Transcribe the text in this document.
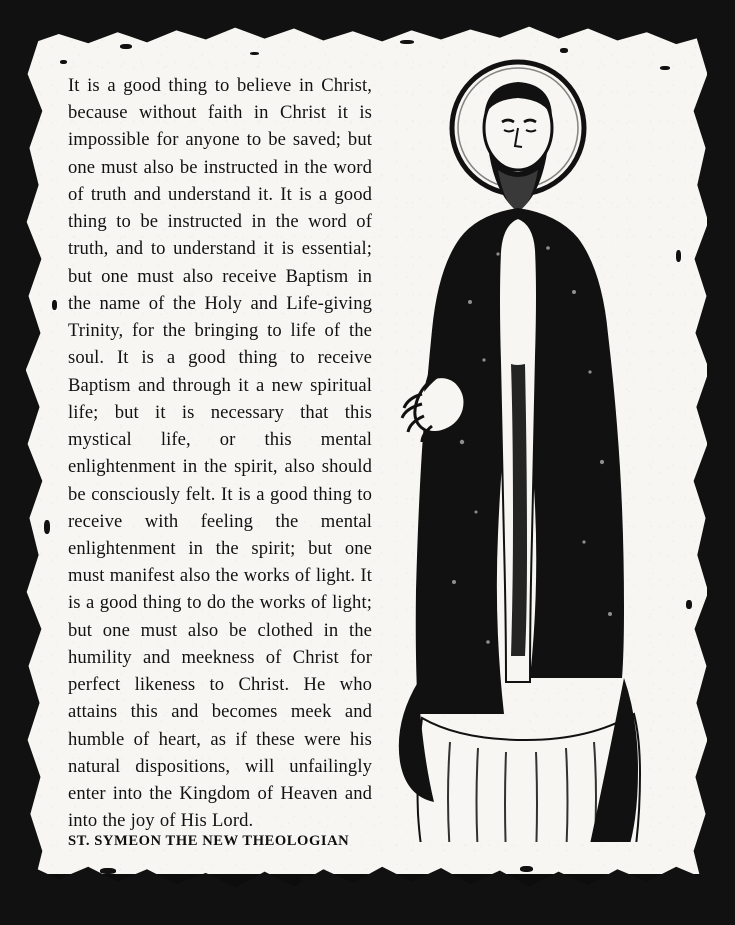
It is a good thing to believe in Christ, because without faith in Christ it is impossible for anyone to be saved; but one must also be instructed in the word of truth and understand it. It is a good thing to be instructed in the word of truth, and to understand it is essential; but one must also receive Baptism in the name of the Holy and Life-giving Trinity, for the bringing to life of the soul. It is a good thing to receive Baptism and through it a new spiritual life; but it is necessary that this mystical life, or this mental enlightenment in the spirit, also should be consciously felt. It is a good thing to receive with feeling the mental enlightenment in the spirit; but one must manifest also the works of light. It is a good thing to do the works of light; but one must also be clothed in the humility and meekness of Christ for perfect likeness to Christ. He who attains this and becomes meek and humble of heart, as if these were his natural dispositions, will unfailingly enter into the Kingdom of Heaven and into the joy of His Lord.

ST. SYMEON THE NEW THEOLOGIAN
